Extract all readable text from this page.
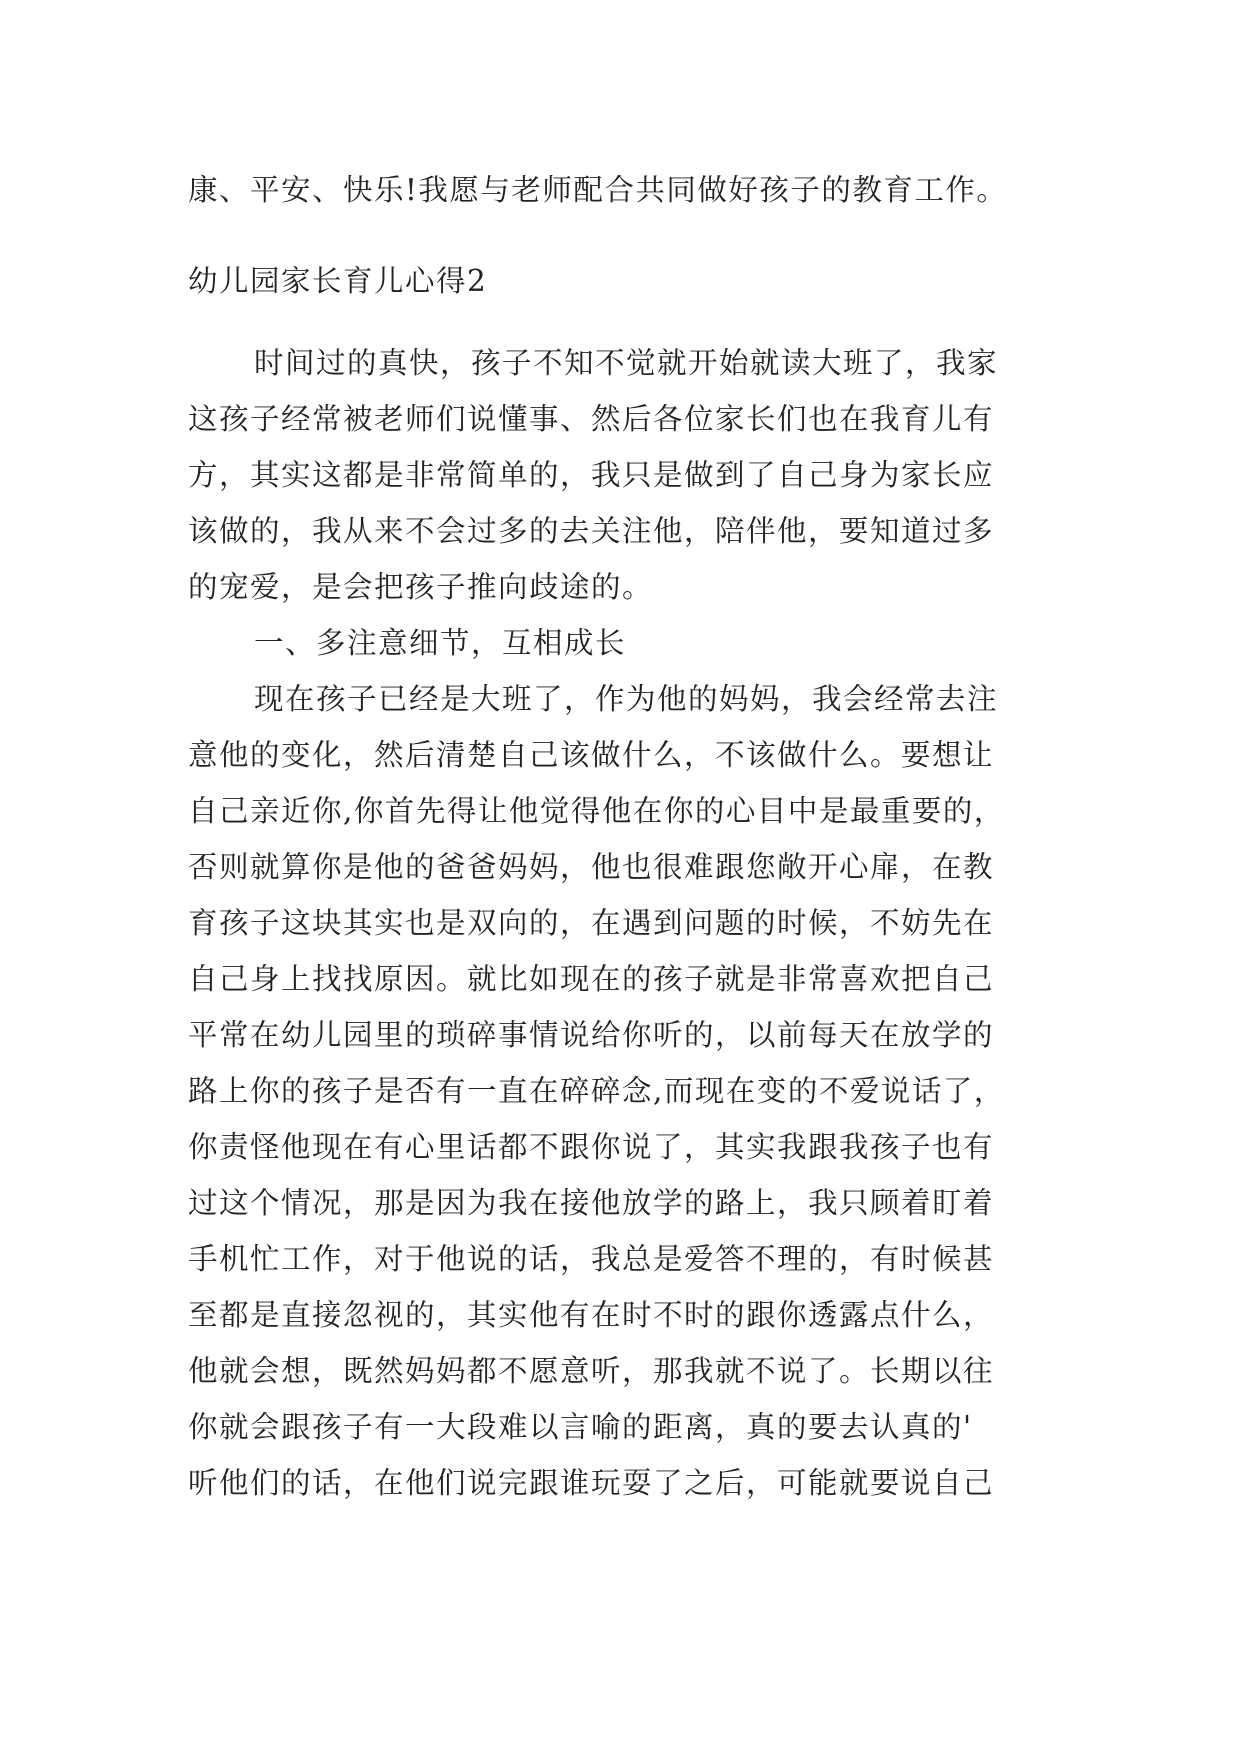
康、平安、快乐!我愿与老师配合共同做好孩子的教育工作。
幼儿园家长育儿心得2
时间过的真快，孩子不知不觉就开始就读大班了，我家
这孩子经常被老师们说懂事、然后各位家长们也在我育儿有
方，其实这都是非常简单的，我只是做到了自己身为家长应
该做的，我从来不会过多的去关注他，陪伴他，要知道过多
的宠爱，是会把孩子推向歧途的。
一、多注意细节，互相成长
现在孩子已经是大班了，作为他的妈妈，我会经常去注
意他的变化，然后清楚自己该做什么，不该做什么。要想让
自己亲近你,你首先得让他觉得他在你的心目中是最重要的，
否则就算你是他的爸爸妈妈，他也很难跟您敞开心扉，在教
育孩子这块其实也是双向的，在遇到问题的时候，不妨先在
自己身上找找原因。就比如现在的孩子就是非常喜欢把自己
平常在幼儿园里的琐碎事情说给你听的，以前每天在放学的
路上你的孩子是否有一直在碎碎念,而现在变的不爱说话了，
你责怪他现在有心里话都不跟你说了，其实我跟我孩子也有
过这个情况，那是因为我在接他放学的路上，我只顾着盯着
手机忙工作，对于他说的话，我总是爱答不理的，有时候甚
至都是直接忽视的，其实他有在时不时的跟你透露点什么，
他就会想，既然妈妈都不愿意听，那我就不说了。长期以往
你就会跟孩子有一大段难以言喻的距离，真的要去认真的'
听他们的话，在他们说完跟谁玩耍了之后，可能就要说自己
